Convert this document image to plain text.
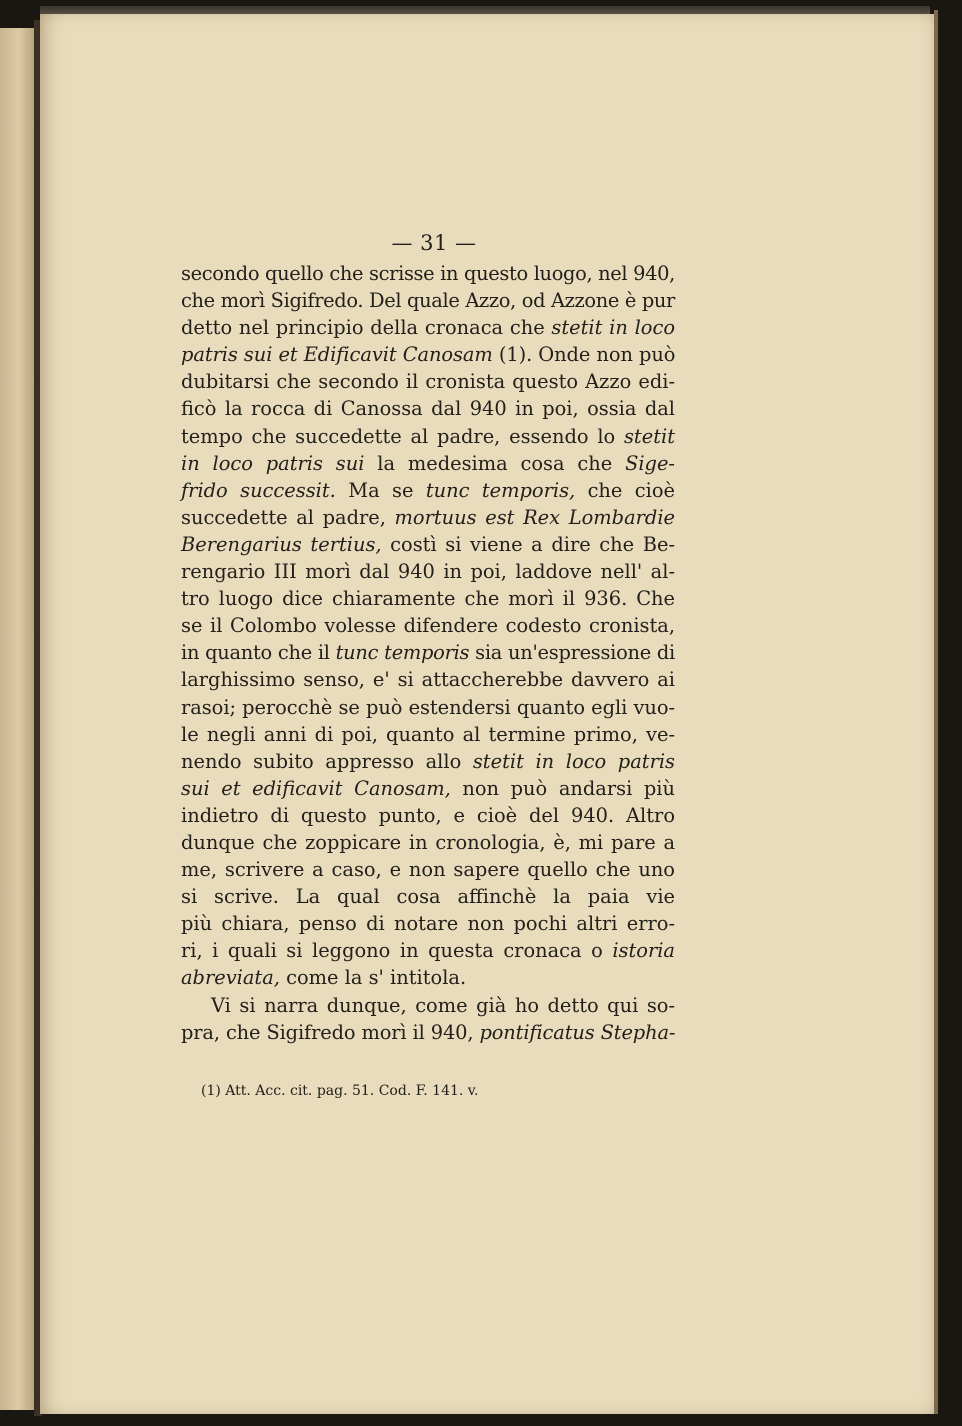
— 31 —
secondo quello che scrisse in questo luogo, nel 940,
che morì Sigifredo. Del quale Azzo, od Azzone è pur
detto nel principio della cronaca che stetit in loco
patris sui et Edificavit Canosam (1). Onde non può
dubitarsi che secondo il cronista questo Azzo edi-
ficò la rocca di Canossa dal 940 in poi, ossia dal
tempo che succedette al padre, essendo lo stetit
in loco patris sui la medesima cosa che Sige-
frido successit. Ma se tunc temporis, che cioè
succedette al padre, mortuus est Rex Lombardie
Berengarius tertius, costì si viene a dire che Be-
rengario III morì dal 940 in poi, laddove nell' al-
tro luogo dice chiaramente che morì il 936. Che
se il Colombo volesse difendere codesto cronista,
in quanto che il tunc temporis sia un'espressione di
larghissimo senso, e' si attaccherebbe davvero ai
rasoi; perocchè se può estendersi quanto egli vuo-
le negli anni di poi, quanto al termine primo, ve-
nendo subito appresso allo stetit in loco patris
sui et edificavit Canosam, non può andarsi più
indietro di questo punto, e cioè del 940. Altro
dunque che zoppicare in cronologia, è, mi pare a
me, scrivere a caso, e non sapere quello che uno
si scrive. La qual cosa affinchè la paia vie
più chiara, penso di notare non pochi altri erro-
ri, i quali si leggono in questa cronaca o istoria
abreviata, come la s' intitola.
Vi si narra dunque, come già ho detto qui so-
pra, che Sigifredo morì il 940, pontificatus Stepha-
(1) Att. Acc. cit. pag. 51. Cod. F. 141. v.
